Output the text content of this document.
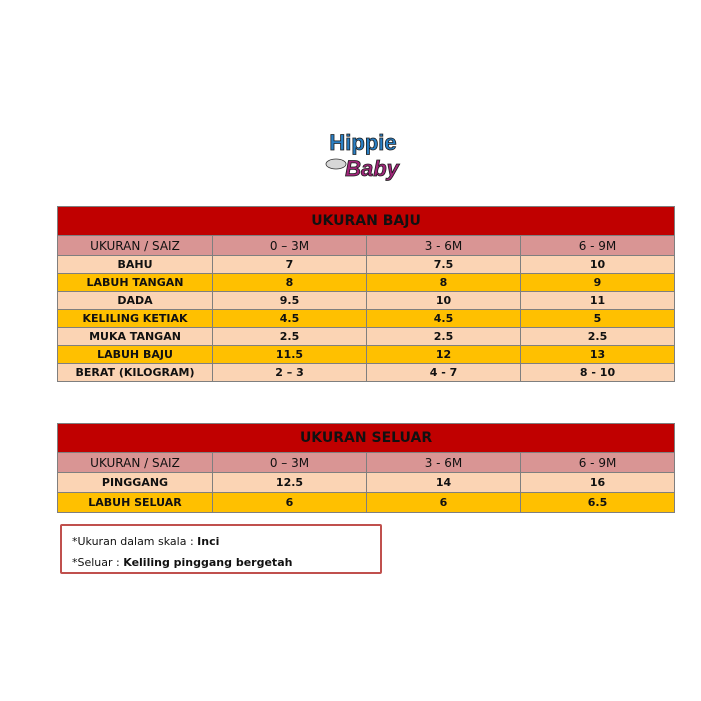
Hippie
Baby
UKURAN BAJU			
UKURAN / SAIZ	0 – 3M	3 - 6M	6 - 9M
BAHU	7	7.5	10
LABUH TANGAN	8	8	9
DADA	9.5	10	11
KELILING KETIAK	4.5	4.5	5
MUKA TANGAN	2.5	2.5	2.5
LABUH BAJU	11.5	12	13
BERAT (KILOGRAM)	2 – 3	4 - 7	8 - 10
UKURAN SELUAR			
UKURAN / SAIZ	0 – 3M	3 - 6M	6 - 9M
PINGGANG	12.5	14	16
LABUH SELUAR	6	6	6.5
*Ukuran dalam skala : Inci
*Seluar : Keliling pinggang bergetah
